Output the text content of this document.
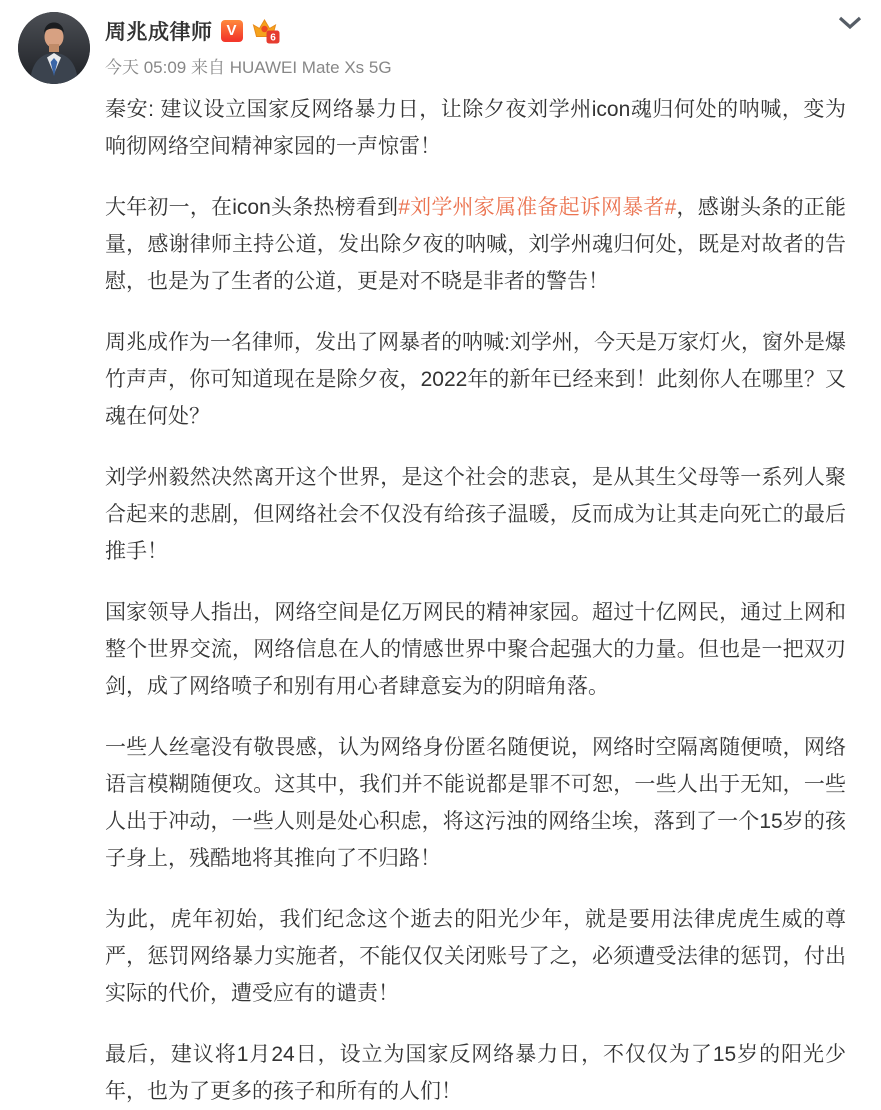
周兆成律师 V	6
今天 05:09 来自 HUAWEI Mate Xs 5G

秦安: 建议设立国家反网络暴力日，让除夕夜刘学州icon魂归何处的呐喊，变为响彻网络空间精神家园的一声惊雷！

大年初一，在icon头条热榜看到#刘学州家属准备起诉网暴者#，感谢头条的正能量，感谢律师主持公道，发出除夕夜的呐喊，刘学州魂归何处，既是对故者的告慰，也是为了生者的公道，更是对不晓是非者的警告！

周兆成作为一名律师，发出了网暴者的呐喊:刘学州，今天是万家灯火，窗外是爆竹声声，你可知道现在是除夕夜，2022年的新年已经来到！此刻你人在哪里？又魂在何处？

刘学州毅然决然离开这个世界，是这个社会的悲哀，是从其生父母等一系列人聚合起来的悲剧，但网络社会不仅没有给孩子温暖，反而成为让其走向死亡的最后推手！

国家领导人指出，网络空间是亿万网民的精神家园。超过十亿网民，通过上网和整个世界交流，网络信息在人的情感世界中聚合起强大的力量。但也是一把双刃剑，成了网络喷子和别有用心者肆意妄为的阴暗角落。

一些人丝毫没有敬畏感，认为网络身份匿名随便说，网络时空隔离随便喷，网络语言模糊随便攻。这其中，我们并不能说都是罪不可恕，一些人出于无知，一些人出于冲动，一些人则是处心积虑，将这污浊的网络尘埃，落到了一个15岁的孩子身上，残酷地将其推向了不归路！

为此，虎年初始，我们纪念这个逝去的阳光少年，就是要用法律虎虎生威的尊严，惩罚网络暴力实施者，不能仅仅关闭账号了之，必须遭受法律的惩罚，付出实际的代价，遭受应有的谴责！

最后，建议将1月24日，设立为国家反网络暴力日，不仅仅为了15岁的阳光少年，也为了更多的孩子和所有的人们！
